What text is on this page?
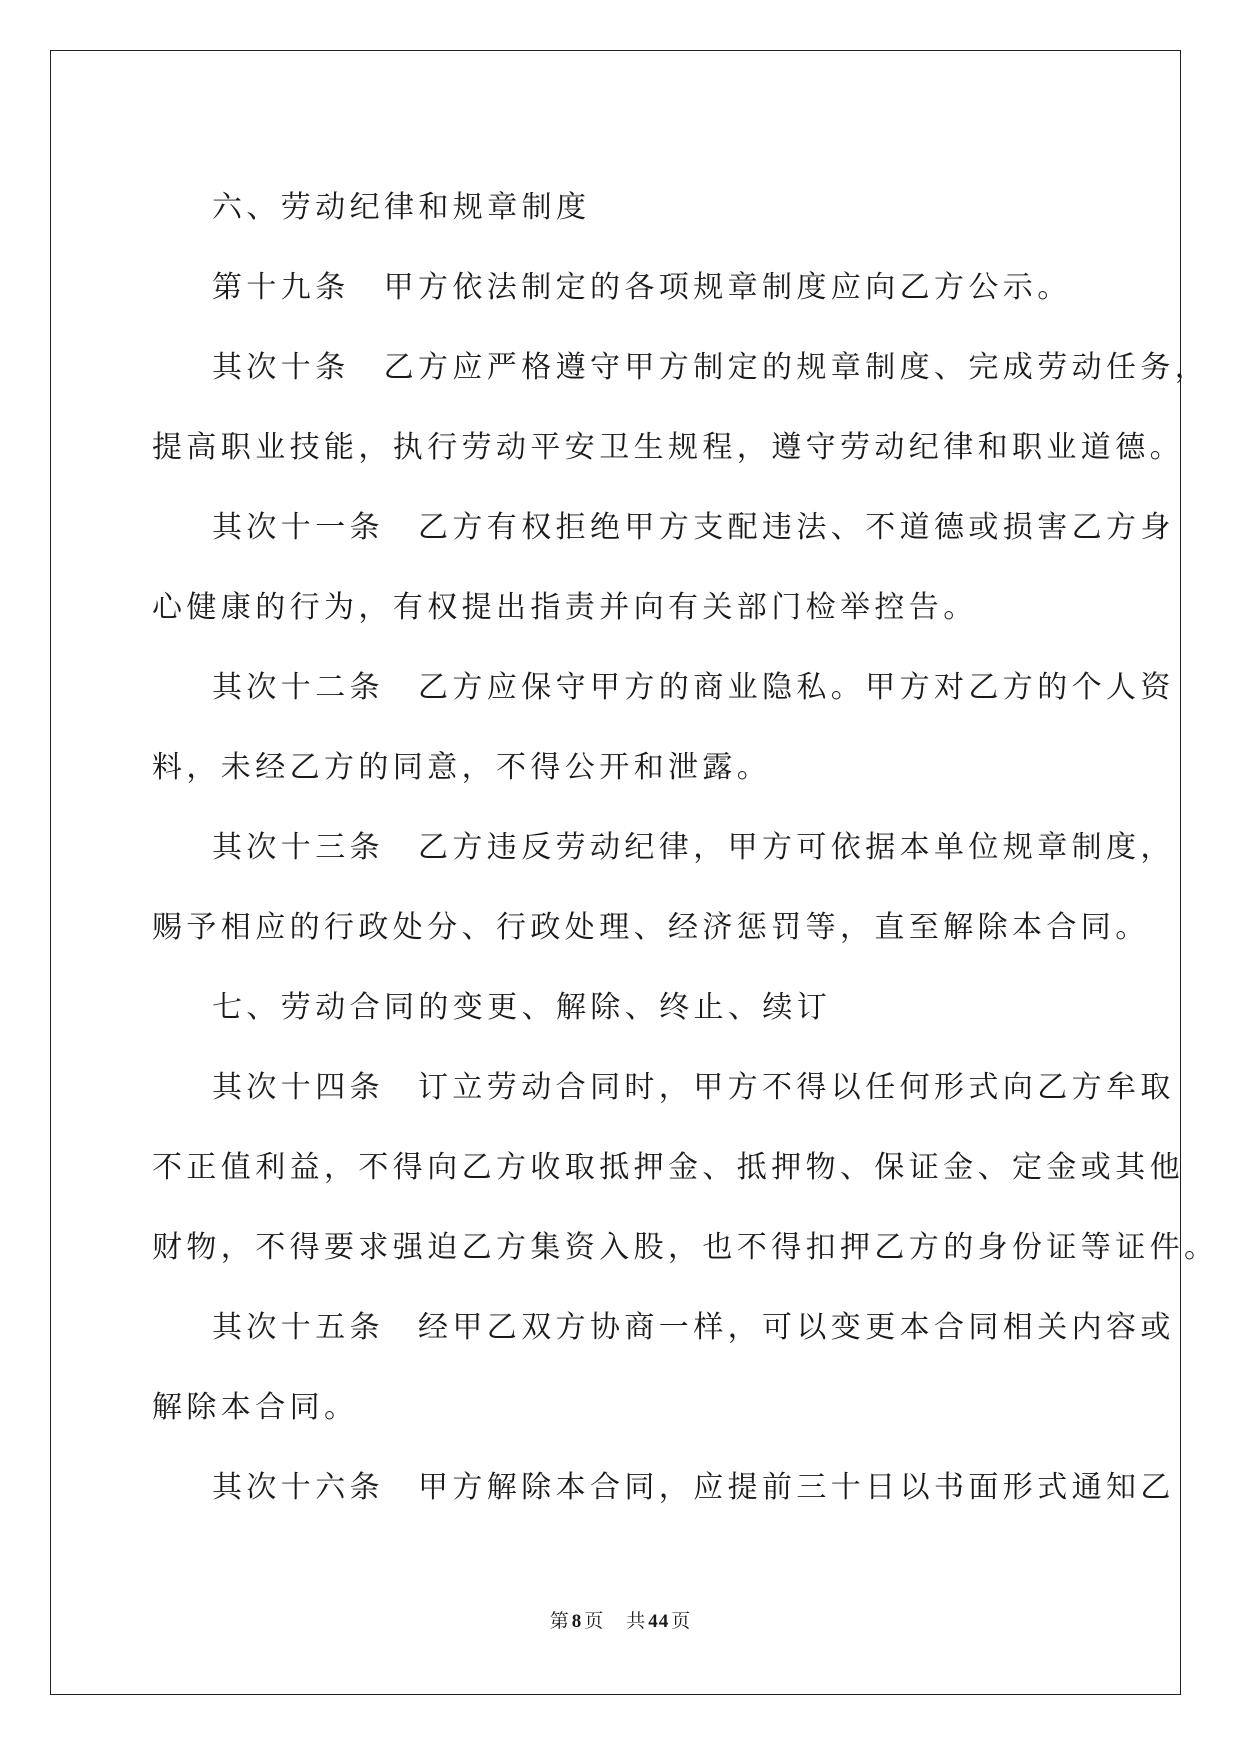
六、劳动纪律和规章制度
第十九条 甲方依法制定的各项规章制度应向乙方公示。
其次十条 乙方应严格遵守甲方制定的规章制度、完成劳动任务，
提高职业技能，执行劳动平安卫生规程，遵守劳动纪律和职业道德。
其次十一条 乙方有权拒绝甲方支配违法、不道德或损害乙方身
心健康的行为，有权提出指责并向有关部门检举控告。
其次十二条 乙方应保守甲方的商业隐私。甲方对乙方的个人资
料，未经乙方的同意，不得公开和泄露。
其次十三条 乙方违反劳动纪律，甲方可依据本单位规章制度，
赐予相应的行政处分、行政处理、经济惩罚等，直至解除本合同。
七、劳动合同的变更、解除、终止、续订
其次十四条 订立劳动合同时，甲方不得以任何形式向乙方牟取
不正值利益，不得向乙方收取抵押金、抵押物、保证金、定金或其他
财物，不得要求强迫乙方集资入股，也不得扣押乙方的身份证等证件。
其次十五条 经甲乙双方协商一样，可以变更本合同相关内容或
解除本合同。
其次十六条 甲方解除本合同，应提前三十日以书面形式通知乙
第 8 页 共 44 页
